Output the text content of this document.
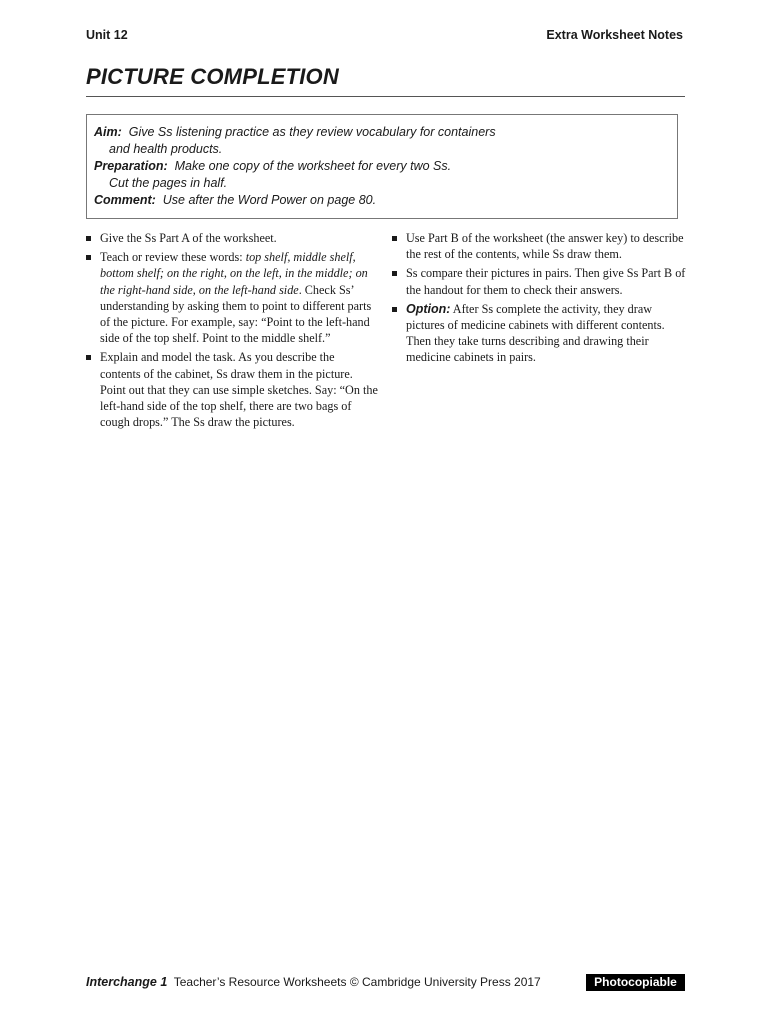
Unit 12	Extra Worksheet Notes
PICTURE COMPLETION
Aim: Give Ss listening practice as they review vocabulary for containers
and health products.
Preparation: Make one copy of the worksheet for every two Ss.
Cut the pages in half.
Comment: Use after the Word Power on page 80.
Give the Ss Part A of the worksheet.
Teach or review these words: top shelf, middle shelf, bottom shelf; on the right, on the left, in the middle; on the right-hand side, on the left-hand side. Check Ss’ understanding by asking them to point to different parts of the picture. For example, say: “Point to the left-hand side of the top shelf. Point to the middle shelf.”
Explain and model the task. As you describe the contents of the cabinet, Ss draw them in the picture. Point out that they can use simple sketches. Say: “On the left-hand side of the top shelf, there are two bags of cough drops.” The Ss draw the pictures.
Use Part B of the worksheet (the answer key) to describe the rest of the contents, while Ss draw them.
Ss compare their pictures in pairs. Then give Ss Part B of the handout for them to check their answers.
Option: After Ss complete the activity, they draw pictures of medicine cabinets with different contents. Then they take turns describing and drawing their medicine cabinets in pairs.
Interchange 1 Teacher’s Resource Worksheets © Cambridge University Press 2017	Photocopiable
